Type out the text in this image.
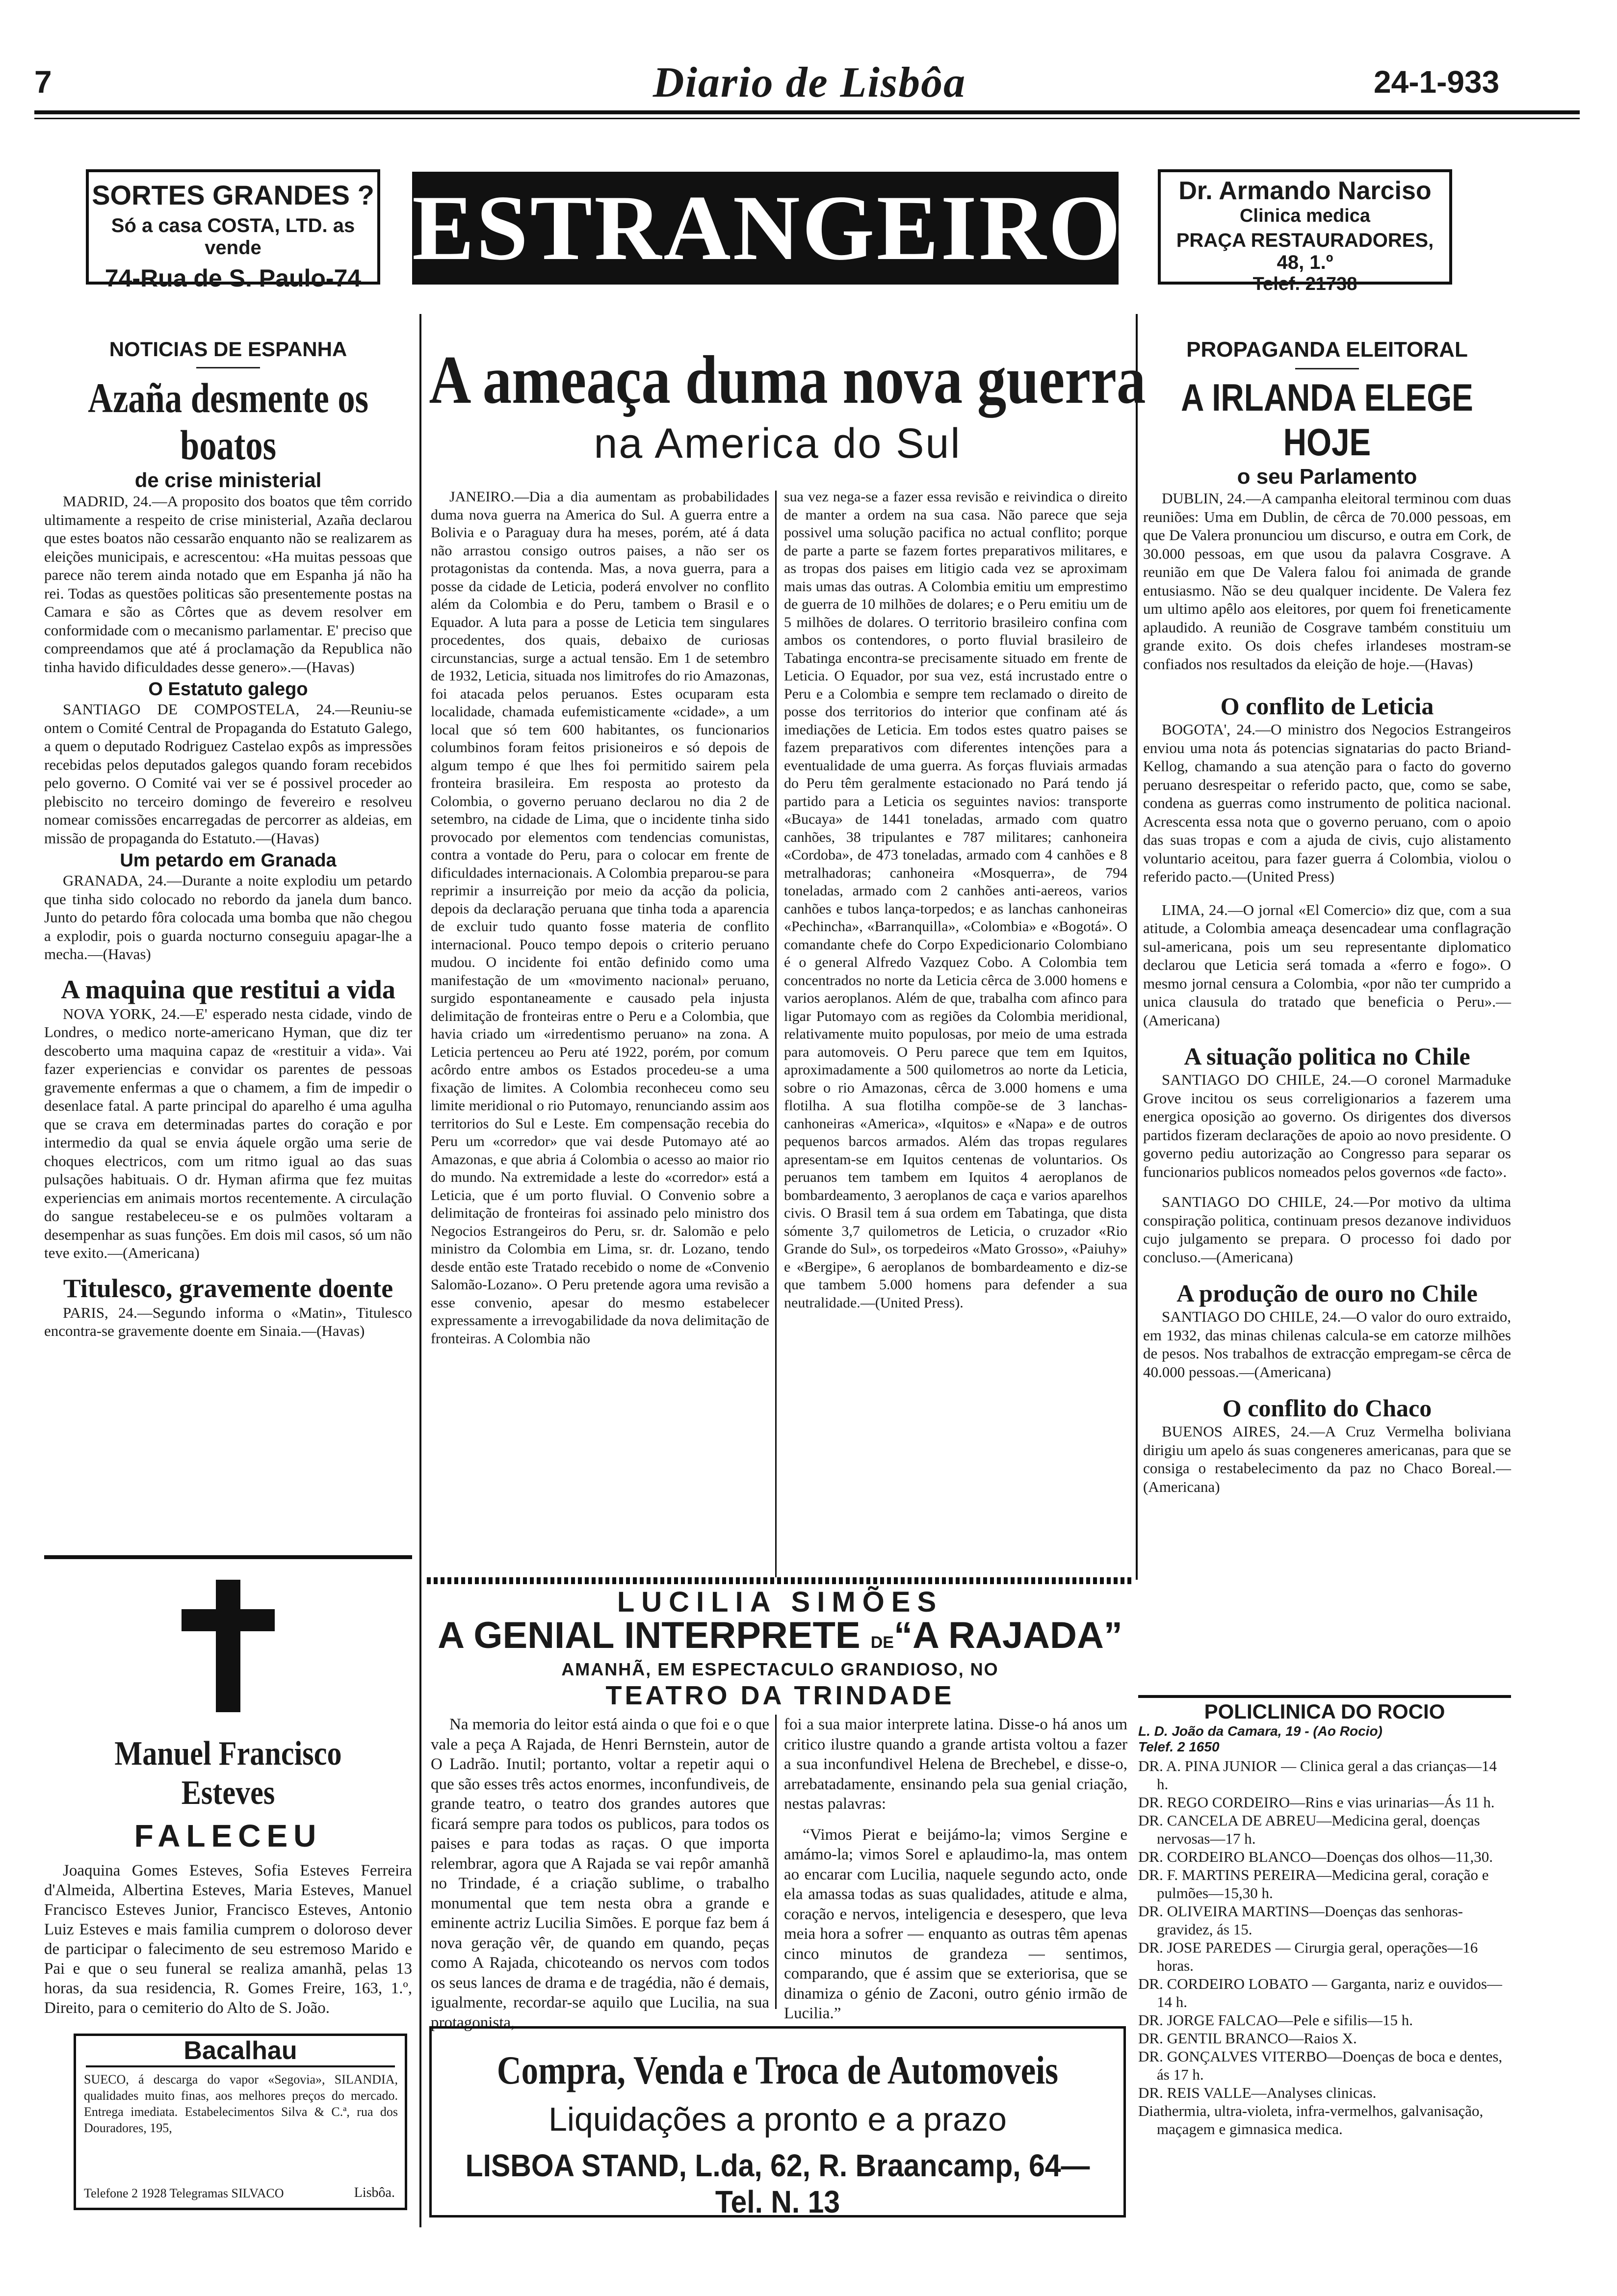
7	Diario de Lisbôa	24-1-933
SORTES GRANDES ?
Só a casa COSTA, LTD. as vende
74-Rua de S. Paulo-74 ESTRANGEIRO	Dr. Armando Narciso
Clinica medica
PRAÇA RESTAURADORES, 48, 1.º
Telef. 21738
NOTICIAS DE ESPANHA
Azaña desmente os boatos
de crise ministerial

MADRID, 24.—A proposito dos boatos que têm corrido ultimamente a respeito de crise ministerial, Azaña declarou que estes boatos não cessarão enquanto não se realizarem as eleições municipais, e acrescentou: «Ha muitas pessoas que parece não terem ainda notado que em Espanha já não ha rei. Todas as questões politicas são presentemente postas na Camara e são as Côrtes que as devem resolver em conformidade com o mecanismo parlamentar. E' preciso que compreendamos que até á proclamação da Republica não tinha havido dificuldades desse genero».—(Havas)

O Estatuto galego

SANTIAGO DE COMPOSTELA, 24.—Reuniu-se ontem o Comité Central de Propaganda do Estatuto Galego, a quem o deputado Rodriguez Castelao expôs as impressões recebidas pelos deputados galegos quando foram recebidos pelo governo. O Comité vai ver se é possivel proceder ao plebiscito no terceiro domingo de fevereiro e resolveu nomear comissões encarregadas de percorrer as aldeias, em missão de propaganda do Estatuto.—(Havas)

Um petardo em Granada

GRANADA, 24.—Durante a noite explodiu um petardo que tinha sido colocado no rebordo da janela dum banco. Junto do petardo fôra colocada uma bomba que não chegou a explodir, pois o guarda nocturno conseguiu apagar-lhe a mecha.—(Havas)

A maquina que restitui a vida

NOVA YORK, 24.—E' esperado nesta cidade, vindo de Londres, o medico norte-americano Hyman, que diz ter descoberto uma maquina capaz de «restituir a vida». Vai fazer experiencias e convidar os parentes de pessoas gravemente enfermas a que o chamem, a fim de impedir o desenlace fatal. A parte principal do aparelho é uma agulha que se crava em determinadas partes do coração e por intermedio da qual se envia áquele orgão uma serie de choques electricos, com um ritmo igual ao das suas pulsações habituais. O dr. Hyman afirma que fez muitas experiencias em animais mortos recentemente. A circulação do sangue restabeleceu-se e os pulmões voltaram a desempenhar as suas funções. Em dois mil casos, só um não teve exito.—(Americana)

Titulesco, gravemente doente

PARIS, 24.—Segundo informa o «Matin», Titulesco encontra-se gravemente doente em Sinaia.—(Havas)

Manuel Francisco Esteves
FALECEU

Joaquina Gomes Esteves, Sofia Esteves Ferreira d'Almeida, Albertina Esteves, Maria Esteves, Manuel Francisco Esteves Junior, Francisco Esteves, Antonio Luiz Esteves e mais familia cumprem o doloroso dever de participar o falecimento de seu estremoso Marido e Pai e que o seu funeral se realiza amanhã, pelas 13 horas, da sua residencia, R. Gomes Freire, 163, 1.º, Direito, para o cemiterio do Alto de S. João.

Bacalhau
SUECO, á descarga do vapor «Segovia», SILANDIA, qualidades muito finas, aos melhores preços do mercado. Entrega imediata. Estabelecimentos Silva & C.ª, rua dos Douradores, 195,
Telefone 2 1928 Telegramas SILVACO	Lisbôa.
A ameaça duma nova guerra
na America do Sul

JANEIRO.—Dia a dia aumentam as probabilidades duma nova guerra na America do Sul. A guerra entre a Bolivia e o Paraguay dura ha meses, porém, até á data não arrastou consigo outros paises, a não ser os protagonistas da contenda. Mas, a nova guerra, para a posse da cidade de Leticia, poderá envolver no conflito além da Colombia e do Peru, tambem o Brasil e o Equador. A luta para a posse de Leticia tem singulares procedentes, dos quais, debaixo de curiosas circunstancias, surge a actual tensão. Em 1 de setembro de 1932, Leticia, situada nos limitrofes do rio Amazonas, foi atacada pelos peruanos. Estes ocuparam esta localidade, chamada eufemisticamente «cidade», a um local que só tem 600 habitantes, os funcionarios columbinos foram feitos prisioneiros e só depois de algum tempo é que lhes foi permitido sairem pela fronteira brasileira. Em resposta ao protesto da Colombia, o governo peruano declarou no dia 2 de setembro, na cidade de Lima, que o incidente tinha sido provocado por elementos com tendencias comunistas, contra a vontade do Peru, para o colocar em frente de dificuldades internacionais. A Colombia preparou-se para reprimir a insurreição por meio da acção da policia, depois da declaração peruana que tinha toda a aparencia de excluir tudo quanto fosse materia de conflito internacional. Pouco tempo depois o criterio peruano mudou. O incidente foi então definido como uma manifestação de um «movimento nacional» peruano, surgido espontaneamente e causado pela injusta delimitação de fronteiras entre o Peru e a Colombia, que havia criado um «irredentismo peruano» na zona. A Leticia pertenceu ao Peru até 1922, porém, por comum acôrdo entre ambos os Estados procedeu-se a uma fixação de limites. A Colombia reconheceu como seu limite meridional o rio Putomayo, renunciando assim aos territorios do Sul e Leste. Em compensação recebia do Peru um «corredor» que vai desde Putomayo até ao Amazonas, e que abria á Colombia o acesso ao maior rio do mundo. Na extremidade a leste do «corredor» está a Leticia, que é um porto fluvial. O Convenio sobre a delimitação de fronteiras foi assinado pelo ministro dos Negocios Estrangeiros do Peru, sr. dr. Salomão e pelo ministro da Colombia em Lima, sr. dr. Lozano, tendo desde então este Tratado recebido o nome de «Convenio Salomão-Lozano». O Peru pretende agora uma revisão a esse convenio, apesar do mesmo estabelecer expressamente a irrevogabilidade da nova delimitação de fronteiras. A Colombia não

sua vez nega-se a fazer essa revisão e reivindica o direito de manter a ordem na sua casa. Não parece que seja possivel uma solução pacifica no actual conflito; porque de parte a parte se fazem fortes preparativos militares, e as tropas dos paises em litigio cada vez se aproximam mais umas das outras. A Colombia emitiu um emprestimo de guerra de 10 milhões de dolares; e o Peru emitiu um de 5 milhões de dolares. O territorio brasileiro confina com ambos os contendores, o porto fluvial brasileiro de Tabatinga encontra-se precisamente situado em frente de Leticia. O Equador, por sua vez, está incrustado entre o Peru e a Colombia e sempre tem reclamado o direito de posse dos territorios do interior que confinam até ás imediações de Leticia. Em todos estes quatro paises se fazem preparativos com diferentes intenções para a eventualidade de uma guerra. As forças fluviais armadas do Peru têm geralmente estacionado no Pará tendo já partido para a Leticia os seguintes navios: transporte «Bucaya» de 1441 toneladas, armado com quatro canhões, 38 tripulantes e 787 militares; canhoneira «Cordoba», de 473 toneladas, armado com 4 canhões e 8 metralhadoras; canhoneira «Mosquerra», de 794 toneladas, armado com 2 canhões anti-aereos, varios canhões e tubos lança-torpedos; e as lanchas canhoneiras «Pechincha», «Barranquilla», «Colombia» e «Bogotá». O comandante chefe do Corpo Expedicionario Colombiano é o general Alfredo Vazquez Cobo. A Colombia tem concentrados no norte da Leticia cêrca de 3.000 homens e varios aeroplanos. Além de que, trabalha com afinco para ligar Putomayo com as regiões da Colombia meridional, relativamente muito populosas, por meio de uma estrada para automoveis. O Peru parece que tem em Iquitos, aproximadamente a 500 quilometros ao norte da Leticia, sobre o rio Amazonas, cêrca de 3.000 homens e uma flotilha. A sua flotilha compõe-se de 3 lanchas-canhoneiras «America», «Iquitos» e «Napa» e de outros pequenos barcos armados. Além das tropas regulares apresentam-se em Iquitos centenas de voluntarios. Os peruanos tem tambem em Iquitos 4 aeroplanos de bombardeamento, 3 aeroplanos de caça e varios aparelhos civis. O Brasil tem á sua ordem em Tabatinga, que dista sómente 3,7 quilometros de Leticia, o cruzador «Rio Grande do Sul», os torpedeiros «Mato Grosso», «Paiuhy» e «Bergipe», 6 aeroplanos de bombardeamento e diz-se que tambem 5.000 homens para defender a sua neutralidade.—(United Press).

LUCILIA SIMÕES
A GENIAL INTERPRETE DE“A RAJADA”
AMANHÃ, EM ESPECTACULO GRANDIOSO, NO
TEATRO DA TRINDADE

Na memoria do leitor está ainda o que foi e o que vale a peça A Rajada, de Henri Bernstein, autor de O Ladrão. Inutil; portanto, voltar a repetir aqui o que são esses três actos enormes, inconfundiveis, de grande teatro, o teatro dos grandes autores que ficará sempre para todos os publicos, para todos os paises e para todas as raças. O que importa relembrar, agora que A Rajada se vai repôr amanhã no Trindade, é a criação sublime, o trabalho monumental que tem nesta obra a grande e eminente actriz Lucilia Simões. E porque faz bem á nova geração vêr, de quando em quando, peças como A Rajada, chicoteando os nervos com todos os seus lances de drama e de tragédia, não é demais, igualmente, recordar-se aquilo que Lucilia, na sua protagonista,

foi a sua maior interprete latina. Disse-o há anos um critico ilustre quando a grande artista voltou a fazer a sua inconfundivel Helena de Brechebel, e disse-o, arrebatadamente, ensinando pela sua genial criação, nestas palavras:

“Vimos Pierat e beijámo-la; vimos Sergine e amámo-la; vimos Sorel e aplaudimo-la, mas ontem ao encarar com Lucilia, naquele segundo acto, onde ela amassa todas as suas qualidades, atitude e alma, coração e nervos, inteligencia e desespero, que leva meia hora a sofrer — enquanto as outras têm apenas cinco minutos de grandeza — sentimos, comparando, que é assim que se exteriorisa, que se dinamiza o génio de Zaconi, outro génio irmão de Lucilia.”

Compra, Venda e Troca de Automoveis
Liquidações a pronto e a prazo
LISBOA STAND, L.da, 62, R. Braancamp, 64—Tel. N. 13
PROPAGANDA ELEITORAL
A IRLANDA ELEGE HOJE
o seu Parlamento

DUBLIN, 24.—A campanha eleitoral terminou com duas reuniões: Uma em Dublin, de cêrca de 70.000 pessoas, em que De Valera pronunciou um discurso, e outra em Cork, de 30.000 pessoas, em que usou da palavra Cosgrave. A reunião em que De Valera falou foi animada de grande entusiasmo. Não se deu qualquer incidente. De Valera fez um ultimo apêlo aos eleitores, por quem foi freneticamente aplaudido. A reunião de Cosgrave também constituiu um grande exito. Os dois chefes irlandeses mostram-se confiados nos resultados da eleição de hoje.—(Havas)

O conflito de Leticia

BOGOTA', 24.—O ministro dos Negocios Estrangeiros enviou uma nota ás potencias signatarias do pacto Briand-Kellog, chamando a sua atenção para o facto do governo peruano desrespeitar o referido pacto, que, como se sabe, condena as guerras como instrumento de politica nacional. Acrescenta essa nota que o governo peruano, com o apoio das suas tropas e com a ajuda de civis, cujo alistamento voluntario aceitou, para fazer guerra á Colombia, violou o referido pacto.—(United Press)

LIMA, 24.—O jornal «El Comercio» diz que, com a sua atitude, a Colombia ameaça desencadear uma conflagração sul-americana, pois um seu representante diplomatico declarou que Leticia será tomada a «ferro e fogo». O mesmo jornal censura a Colombia, «por não ter cumprido a unica clausula do tratado que beneficia o Peru».—(Americana)

A situação politica no Chile

SANTIAGO DO CHILE, 24.—O coronel Marmaduke Grove incitou os seus correligionarios a fazerem uma energica oposição ao governo. Os dirigentes dos diversos partidos fizeram declarações de apoio ao novo presidente. O governo pediu autorização ao Congresso para separar os funcionarios publicos nomeados pelos governos «de facto».

SANTIAGO DO CHILE, 24.—Por motivo da ultima conspiração politica, continuam presos dezanove individuos cujo julgamento se prepara. O processo foi dado por concluso.—(Americana)

A produção de ouro no Chile

SANTIAGO DO CHILE, 24.—O valor do ouro extraido, em 1932, das minas chilenas calcula-se em catorze milhões de pesos. Nos trabalhos de extracção empregam-se cêrca de 40.000 pessoas.—(Americana)

O conflito do Chaco

BUENOS AIRES, 24.—A Cruz Vermelha boliviana dirigiu um apelo ás suas congeneres americanas, para que se consiga o restabelecimento da paz no Chaco Boreal.—(Americana)

POLICLINICA DO ROCIO
L. D. João da Camara, 19 - (Ao Rocio)
Telef. 2 1650
DR. A. PINA JUNIOR — Clinica geral a das crianças—14 h.
DR. REGO CORDEIRO—Rins e vias urinarias—Ás 11 h.
DR. CANCELA DE ABREU—Medicina geral, doenças nervosas—17 h.
DR. CORDEIRO BLANCO—Doenças dos olhos—11,30.
DR. F. MARTINS PEREIRA—Medicina geral, coração e pulmões—15,30 h.
DR. OLIVEIRA MARTINS—Doenças das senhoras-gravidez, ás 15.
DR. JOSE PAREDES — Cirurgia geral, operações—16 horas.
DR. CORDEIRO LOBATO — Garganta, nariz e ouvidos—14 h.
DR. JORGE FALCAO—Pele e sifilis—15 h.
DR. GENTIL BRANCO—Raios X.
DR. GONÇALVES VITERBO—Doenças de boca e dentes, ás 17 h.
DR. REIS VALLE—Analyses clinicas.
Diathermia, ultra-violeta, infra-vermelhos, galvanisação, maçagem e gimnasica medica.
